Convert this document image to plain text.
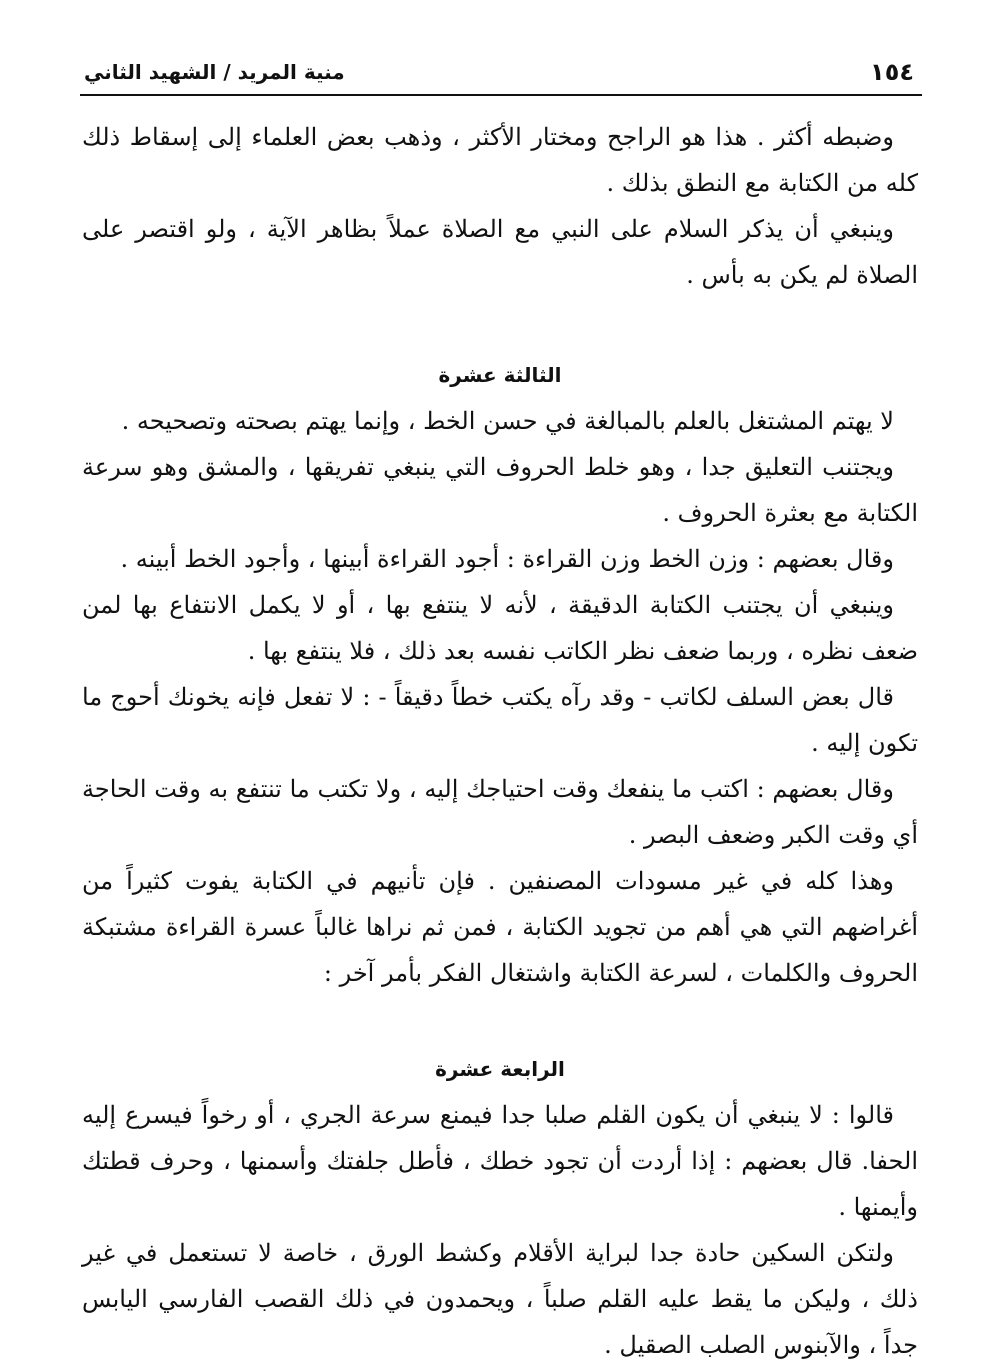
١٥٤
منية المريد / الشهيد الثاني

وضبطه أكثر . هذا هو الراجح ومختار الأكثر ، وذهب بعض العلماء إلى إسقاط ذلك كله من الكتابة مع النطق بذلك .

وينبغي أن يذكر السلام على النبي مع الصلاة عملاً بظاهر الآية ، ولو اقتصر على الصلاة لم يكن به بأس .

الثالثة عشرة

لا يهتم المشتغل بالعلم بالمبالغة في حسن الخط ، وإنما يهتم بصحته وتصحيحه .

ويجتنب التعليق جدا ، وهو خلط الحروف التي ينبغي تفريقها ، والمشق وهو سرعة الكتابة مع بعثرة الحروف .

وقال بعضهم : وزن الخط وزن القراءة : أجود القراءة أبينها ، وأجود الخط أبينه .

وينبغي أن يجتنب الكتابة الدقيقة ، لأنه لا ينتفع بها ، أو لا يكمل الانتفاع بها لمن ضعف نظره ، وربما ضعف نظر الكاتب نفسه بعد ذلك ، فلا ينتفع بها .

قال بعض السلف لكاتب - وقد رآه يكتب خطاً دقيقاً - : لا تفعل فإنه يخونك أحوج ما تكون إليه .

وقال بعضهم : اكتب ما ينفعك وقت احتياجك إليه ، ولا تكتب ما تنتفع به وقت الحاجة أي وقت الكبر وضعف البصر .

وهذا كله في غير مسودات المصنفين . فإن تأنيهم في الكتابة يفوت كثيراً من أغراضهم التي هي أهم من تجويد الكتابة ، فمن ثم نراها غالباً عسرة القراءة مشتبكة الحروف والكلمات ، لسرعة الكتابة واشتغال الفكر بأمر آخر :

الرابعة عشرة

قالوا : لا ينبغي أن يكون القلم صلبا جدا فيمنع سرعة الجري ، أو رخواً فيسرع إليه الحفا. قال بعضهم : إذا أردت أن تجود خطك ، فأطل جلفتك وأسمنها ، وحرف قطتك وأيمنها .

ولتكن السكين حادة جدا لبراية الأقلام وكشط الورق ، خاصة لا تستعمل في غير ذلك ، وليكن ما يقط عليه القلم صلباً ، ويحمدون في ذلك القصب الفارسي اليابس جداً ، والآبنوس الصلب الصقيل .
